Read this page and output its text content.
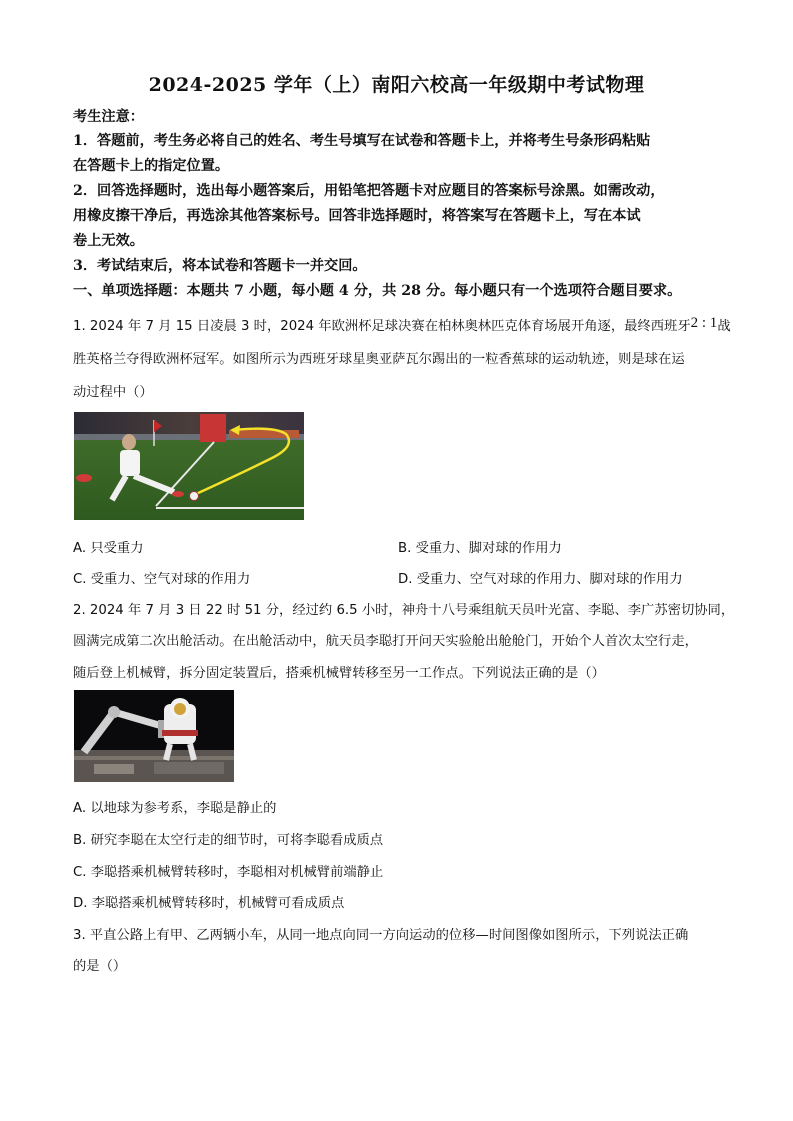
2024-2025 学年（上）南阳六校高一年级期中考试物理
考生注意：
1．答题前，考生务必将自己的姓名、考生号填写在试卷和答题卡上，并将考生号条形码粘贴
在答题卡上的指定位置。
2．回答选择题时，选出每小题答案后，用铅笔把答题卡对应题目的答案标号涂黑。如需改动，
用橡皮擦干净后，再选涂其他答案标号。回答非选择题时，将答案写在答题卡上，写在本试
卷上无效。
3．考试结束后，将本试卷和答题卡一并交回。
一、单项选择题：本题共 7 小题，每小题 4 分，共 28 分。每小题只有一个选项符合题目要求。
1. 2024 年 7 月 15 日凌晨 3 时，2024 年欧洲杯足球决赛在柏林奥林匹克体育场展开角逐，最终西班牙2 : 1战
胜英格兰夺得欧洲杯冠军。如图所示为西班牙球星奥亚萨瓦尔踢出的一粒香蕉球的运动轨迹，则是球在运
动过程中（）
A. 只受重力	B. 受重力、脚对球的作用力
C. 受重力、空气对球的作用力	D. 受重力、空气对球的作用力、脚对球的作用力
2. 2024 年 7 月 3 日 22 时 51 分，经过约 6.5 小时，神舟十八号乘组航天员叶光富、李聪、李广苏密切协同，
圆满完成第二次出舱活动。在出舱活动中，航天员李聪打开问天实验舱出舱舱门，开始个人首次太空行走，
随后登上机械臂，拆分固定装置后，搭乘机械臂转移至另一工作点。下列说法正确的是（）
A. 以地球为参考系，李聪是静止的
B. 研究李聪在太空行走的细节时，可将李聪看成质点
C. 李聪搭乘机械臂转移时，李聪相对机械臂前端静止
D. 李聪搭乘机械臂转移时，机械臂可看成质点
3. 平直公路上有甲、乙两辆小车，从同一地点向同一方向运动的位移—时间图像如图所示，下列说法正确
的是（）
